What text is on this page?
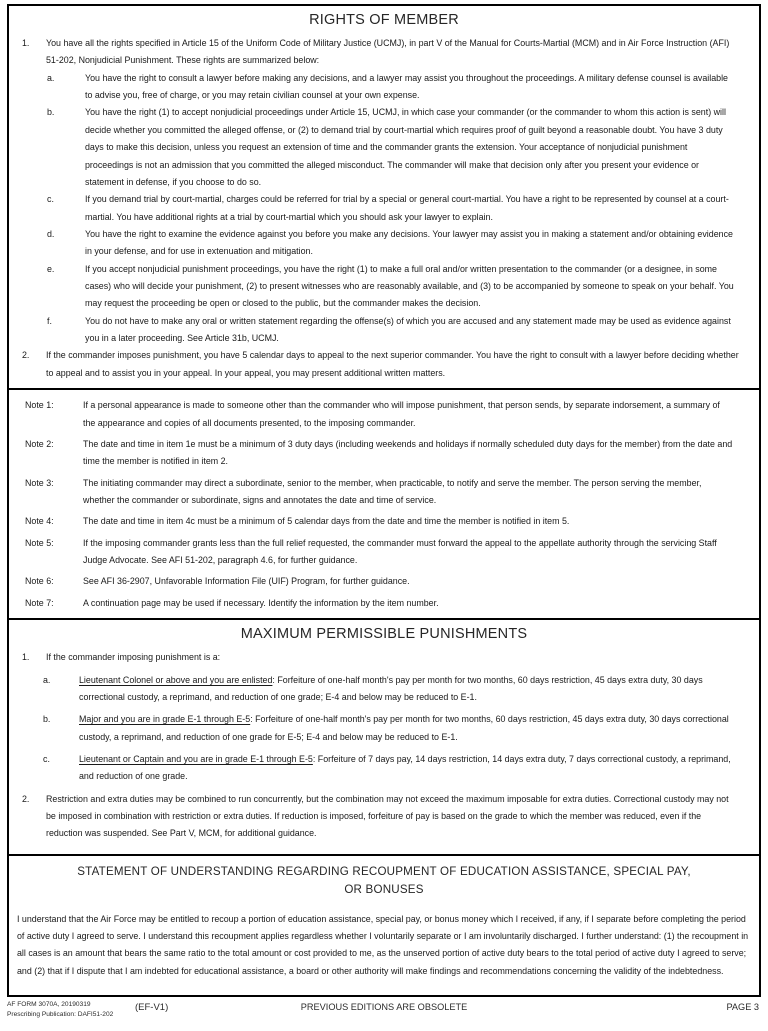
RIGHTS OF MEMBER
1.	You have all the rights specified in Article 15 of the Uniform Code of Military Justice (UCMJ), in part V of the Manual for Courts-Martial (MCM) and in Air Force Instruction (AFI) 51-202, Nonjudicial Punishment. These rights are summarized below:
a.	You have the right to consult a lawyer before making any decisions, and a lawyer may assist you throughout the proceedings. A military defense counsel is available to advise you, free of charge, or you may retain civilian counsel at your own expense.
b.	You have the right (1) to accept nonjudicial proceedings under Article 15, UCMJ, in which case your commander (or the commander to whom this action is sent) will decide whether you committed the alleged offense, or (2) to demand trial by court-martial which requires proof of guilt beyond a reasonable doubt. You have 3 duty days to make this decision, unless you request an extension of time and the commander grants the extension. Your acceptance of nonjudicial punishment proceedings is not an admission that you committed the alleged misconduct. The commander will make that decision only after you present your evidence or statement in defense, if you choose to do so.
c.	If you demand trial by court-martial, charges could be referred for trial by a special or general court-martial. You have a right to be represented by counsel at a court-martial. You have additional rights at a trial by court-martial which you should ask your lawyer to explain.
d.	You have the right to examine the evidence against you before you make any decisions. Your lawyer may assist you in making a statement and/or obtaining evidence in your defense, and for use in extenuation and mitigation.
e.	If you accept nonjudicial punishment proceedings, you have the right (1) to make a full oral and/or written presentation to the commander (or a designee, in some cases) who will decide your punishment, (2) to present witnesses who are reasonably available, and (3) to be accompanied by someone to speak on your behalf. You may request the proceeding be open or closed to the public, but the commander makes the decision.
f.	You do not have to make any oral or written statement regarding the offense(s) of which you are accused and any statement made may be used as evidence against you in a later proceeding. See Article 31b, UCMJ.
2.	If the commander imposes punishment, you have 5 calendar days to appeal to the next superior commander. You have the right to consult with a lawyer before deciding whether to appeal and to assist you in your appeal. In your appeal, you may present additional written matters.
Note 1:	If a personal appearance is made to someone other than the commander who will impose punishment, that person sends, by separate indorsement, a summary of the appearance and copies of all documents presented, to the imposing commander.
Note 2:	The date and time in item 1e must be a minimum of 3 duty days (including weekends and holidays if normally scheduled duty days for the member) from the date and time the member is notified in item 2.
Note 3:	The initiating commander may direct a subordinate, senior to the member, when practicable, to notify and serve the member. The person serving the member, whether the commander or subordinate, signs and annotates the date and time of service.
Note 4:	The date and time in item 4c must be a minimum of 5 calendar days from the date and time the member is notified in item 5.
Note 5:	If the imposing commander grants less than the full relief requested, the commander must forward the appeal to the appellate authority through the servicing Staff Judge Advocate. See AFI 51-202, paragraph 4.6, for further guidance.
Note 6:	See AFI 36-2907, Unfavorable Information File (UIF) Program, for further guidance.
Note 7:	A continuation page may be used if necessary. Identify the information by the item number.
MAXIMUM PERMISSIBLE PUNISHMENTS
1.	If the commander imposing punishment is a:
a.	Lieutenant Colonel or above and you are enlisted: Forfeiture of one-half month's pay per month for two months, 60 days restriction, 45 days extra duty, 30 days correctional custody, a reprimand, and reduction of one grade; E-4 and below may be reduced to E-1.
b.	Major and you are in grade E-1 through E-5: Forfeiture of one-half month's pay per month for two months, 60 days restriction, 45 days extra duty, 30 days correctional custody, a reprimand, and reduction of one grade for E-5; E-4 and below may be reduced to E-1.
c.	Lieutenant or Captain and you are in grade E-1 through E-5: Forfeiture of 7 days pay, 14 days restriction, 14 days extra duty, 7 days correctional custody, a reprimand, and reduction of one grade.
2.	Restriction and extra duties may be combined to run concurrently, but the combination may not exceed the maximum imposable for extra duties. Correctional custody may not be imposed in combination with restriction or extra duties. If reduction is imposed, forfeiture of pay is based on the grade to which the member was reduced, even if the reduction was suspended. See Part V, MCM, for additional guidance.
STATEMENT OF UNDERSTANDING REGARDING RECOUPMENT OF EDUCATION ASSISTANCE, SPECIAL PAY,
OR BONUSES
I understand that the Air Force may be entitled to recoup a portion of education assistance, special pay, or bonus money which I received, if any, if I separate before completing the period of active duty I agreed to serve. I understand this recoupment applies regardless whether I voluntarily separate or I am involuntarily discharged. I further understand: (1) the recoupment in all cases is an amount that bears the same ratio to the total amount or cost provided to me, as the unserved portion of active duty bears to the total period of active duty I agreed to serve; and (2) that if I dispute that I am indebted for educational assistance, a board or other authority will make findings and recommendations concerning the validity of the indebtedness.
AF FORM 3070A, 20190319
Prescribing Publication: DAFI51-202
(EF-V1)	PREVIOUS EDITIONS ARE OBSOLETE	PAGE 3
